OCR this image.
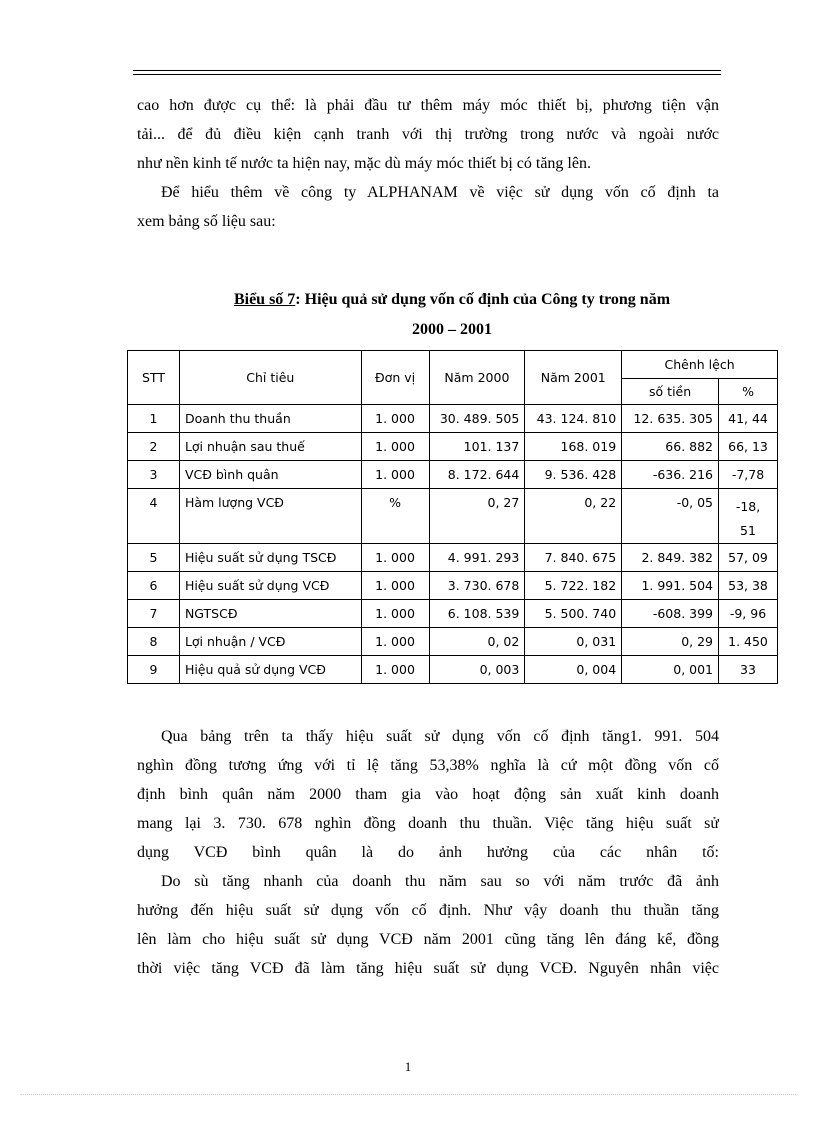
cao hơn được cụ thể: là phải đầu tư thêm máy móc thiết bị, phương tiện vận
tải... để đủ điều kiện cạnh tranh với thị trường trong nước và ngoài nước
như nền kinh tế nước ta hiện nay, mặc dù máy móc thiết bị có tăng lên.
Để hiểu thêm về công ty ALPHANAM về việc sử dụng vốn cố định ta
xem bảng số liệu sau:
Biểu số 7: Hiệu quả sử dụng vốn cố định của Công ty trong năm
2000 – 2001
STT	Chỉ tiêu	Đơn vị	Năm 2000	Năm 2001	Chênh lệch	
					số tiền	%
1	Doanh thu thuần	1. 000	30. 489. 505	43. 124. 810	12. 635. 305	41, 44
2	Lợi nhuận sau thuế	1. 000	101. 137	168. 019	66. 882	66, 13
3	VCĐ bình quân	1. 000	8. 172. 644	9. 536. 428	-636. 216	-7,78
4	Hàm lượng VCĐ	%	0, 27	0, 22	-0, 05	-18,
51

5	Hiệu suất sử dụng TSCĐ	1. 000	4. 991. 293	7. 840. 675	2. 849. 382	57, 09
6	Hiệu suất sử dụng VCĐ	1. 000	3. 730. 678	5. 722. 182	1. 991. 504	53, 38
7	NGTSCĐ	1. 000	6. 108. 539	5. 500. 740	-608. 399	-9, 96
8	Lợi nhuận / VCĐ	1. 000	0, 02	0, 031	0, 29	1. 450
9	Hiệu quả sử dụng VCĐ	1. 000	0, 003	0, 004	0, 001	33
Qua bảng trên ta thấy hiệu suất sử dụng vốn cố định tăng1. 991. 504
nghìn đồng tương ứng với tỉ lệ tăng 53,38% nghĩa là cứ một đồng vốn cố
định bình quân năm 2000 tham gia vào hoạt động sản xuất kinh doanh
mang lại 3. 730. 678 nghìn đồng doanh thu thuần. Việc tăng hiệu suất sử
dụng VCĐ bình quân là do ảnh hưởng của các nhân tố:
Do sù tăng nhanh của doanh thu năm sau so với năm trước đã ảnh
hưởng đến hiệu suất sử dụng vốn cố định. Như vậy doanh thu thuần tăng
lên làm cho hiệu suất sử dụng VCĐ năm 2001 cũng tăng lên đáng kể, đồng
thời việc tăng VCĐ đã làm tăng hiệu suất sử dụng VCĐ. Nguyên nhân việc
1
